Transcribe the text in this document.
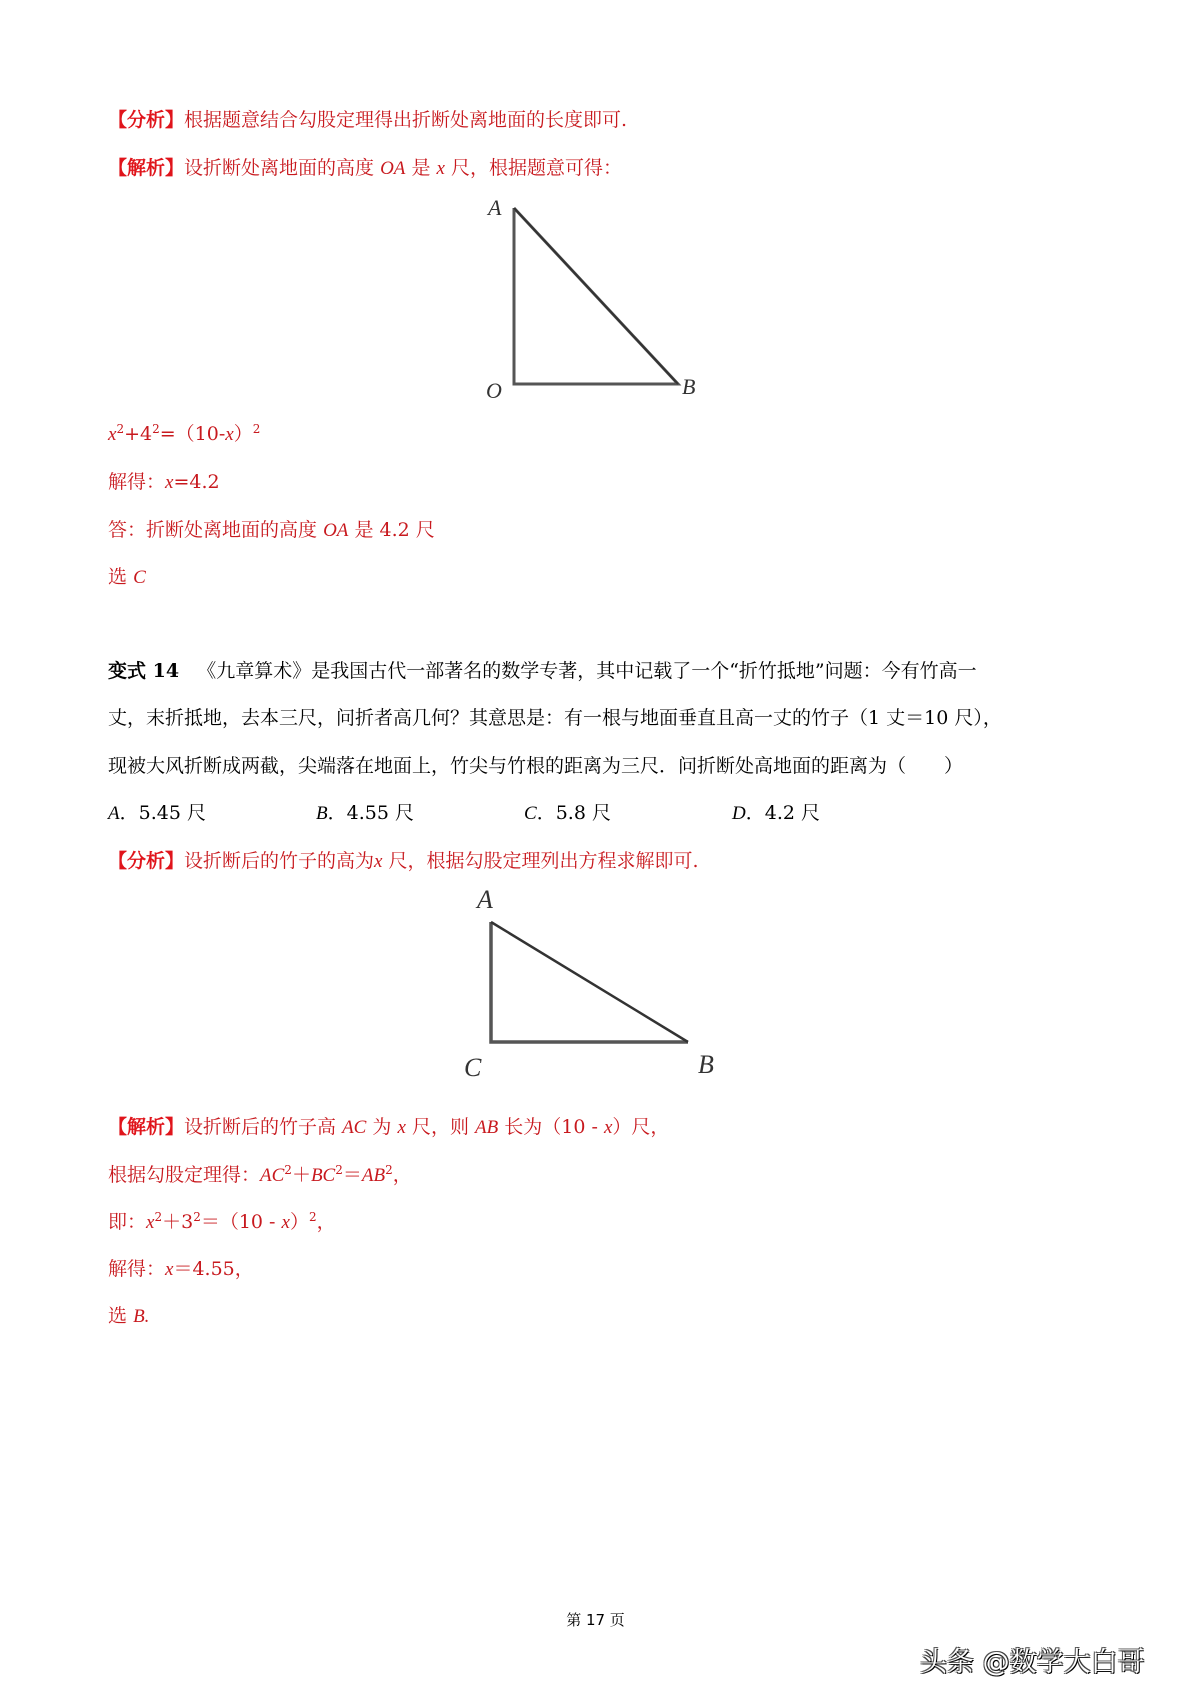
【分析】根据题意结合勾股定理得出折断处离地面的长度即可.
【解析】设折断处离地面的高度 OA 是 x 尺，根据题意可得：
A
O	B
$x^2+4^2=(10-x)^2$
解得：x=4.2
答：折断处离地面的高度 OA 是 4.2 尺
选 C
变式 14 《九章算术》是我国古代一部著名的数学专著，其中记载了一个“折竹抵地”问题：今有竹高一
丈，末折抵地，去本三尺，问折者高几何？其意思是：有一根与地面垂直且高一丈的竹子（1 丈＝10 尺），
现被大风折断成两截，尖端落在地面上，竹尖与竹根的距离为三尺．问折断处高地面的距离为（　　）
A．5.45 尺	B．4.55 尺	C．5.8 尺	D．4.2 尺
【分析】设折断后的竹子的高为x 尺，根据勾股定理列出方程求解即可.
A
C	B
【解析】设折断后的竹子高 AC 为 x 尺，则 AB 长为（10 - x）尺，
根据勾股定理得：$AC^2+BC^2=AB^2$，
即：$x^2+3^2=(10 - x)^2$，
解得：x＝4.55，
选 B.
第 17 页
头条 @数学大白哥
